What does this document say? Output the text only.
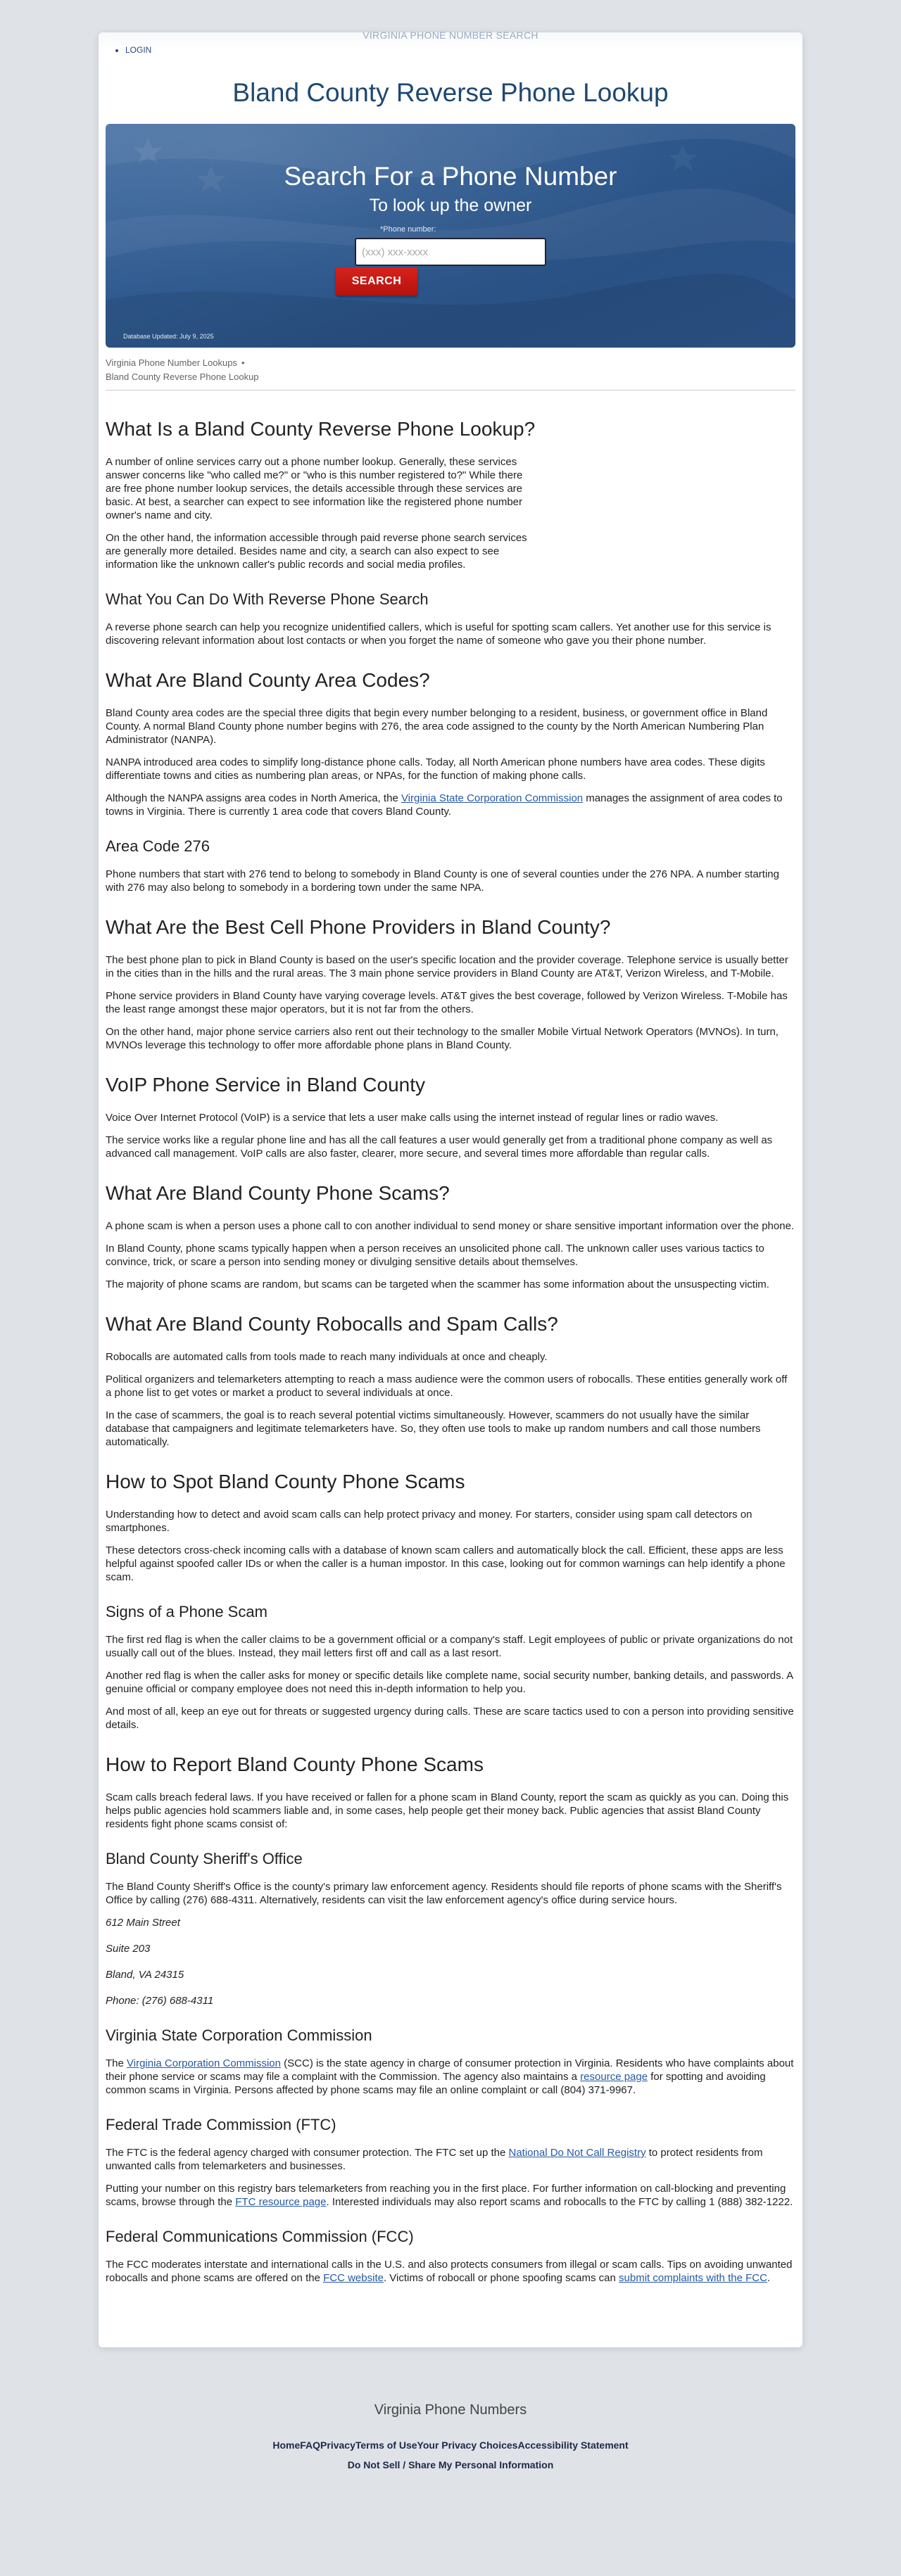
VIRGINIA PHONE NUMBER SEARCH
• LOGIN
Bland County Reverse Phone Lookup
Search For a Phone Number
To look up the owner
*Phone number:
(xxx) xxx-xxxx
SEARCH
Database Updated: July 9, 2025
Virginia Phone Number Lookups •
Bland County Reverse Phone Lookup
What Is a Bland County Reverse Phone Lookup?

A number of online services carry out a phone number lookup. Generally, these services answer concerns like "who called me?" or "who is this number registered to?" While there are free phone number lookup services, the details accessible through these services are basic. At best, a searcher can expect to see information like the registered phone number owner's name and city.

On the other hand, the information accessible through paid reverse phone search services are generally more detailed. Besides name and city, a search can also expect to see information like the unknown caller's public records and social media profiles.

What You Can Do With Reverse Phone Search

A reverse phone search can help you recognize unidentified callers, which is useful for spotting scam callers. Yet another use for this service is discovering relevant information about lost contacts or when you forget the name of someone who gave you their phone number.

What Are Bland County Area Codes?

Bland County area codes are the special three digits that begin every number belonging to a resident, business, or government office in Bland County. A normal Bland County phone number begins with 276, the area code assigned to the county by the North American Numbering Plan Administrator (NANPA).

NANPA introduced area codes to simplify long-distance phone calls. Today, all North American phone numbers have area codes. These digits differentiate towns and cities as numbering plan areas, or NPAs, for the function of making phone calls.

Although the NANPA assigns area codes in North America, the Virginia State Corporation Commission manages the assignment of area codes to towns in Virginia. There is currently 1 area code that covers Bland County.

Area Code 276

Phone numbers that start with 276 tend to belong to somebody in Bland County is one of several counties under the 276 NPA. A number starting with 276 may also belong to somebody in a bordering town under the same NPA.

What Are the Best Cell Phone Providers in Bland County?

The best phone plan to pick in Bland County is based on the user's specific location and the provider coverage. Telephone service is usually better in the cities than in the hills and the rural areas. The 3 main phone service providers in Bland County are AT&T, Verizon Wireless, and T-Mobile.

Phone service providers in Bland County have varying coverage levels. AT&T gives the best coverage, followed by Verizon Wireless. T-Mobile has the least range amongst these major operators, but it is not far from the others.

On the other hand, major phone service carriers also rent out their technology to the smaller Mobile Virtual Network Operators (MVNOs). In turn, MVNOs leverage this technology to offer more affordable phone plans in Bland County.

VoIP Phone Service in Bland County

Voice Over Internet Protocol (VoIP) is a service that lets a user make calls using the internet instead of regular lines or radio waves.

The service works like a regular phone line and has all the call features a user would generally get from a traditional phone company as well as advanced call management. VoIP calls are also faster, clearer, more secure, and several times more affordable than regular calls.

What Are Bland County Phone Scams?

A phone scam is when a person uses a phone call to con another individual to send money or share sensitive important information over the phone.

In Bland County, phone scams typically happen when a person receives an unsolicited phone call. The unknown caller uses various tactics to convince, trick, or scare a person into sending money or divulging sensitive details about themselves.

The majority of phone scams are random, but scams can be targeted when the scammer has some information about the unsuspecting victim.

What Are Bland County Robocalls and Spam Calls?

Robocalls are automated calls from tools made to reach many individuals at once and cheaply.

Political organizers and telemarketers attempting to reach a mass audience were the common users of robocalls. These entities generally work off a phone list to get votes or market a product to several individuals at once.

In the case of scammers, the goal is to reach several potential victims simultaneously. However, scammers do not usually have the similar database that campaigners and legitimate telemarketers have. So, they often use tools to make up random numbers and call those numbers automatically.

How to Spot Bland County Phone Scams

Understanding how to detect and avoid scam calls can help protect privacy and money. For starters, consider using spam call detectors on smartphones.

These detectors cross-check incoming calls with a database of known scam callers and automatically block the call. Efficient, these apps are less helpful against spoofed caller IDs or when the caller is a human impostor. In this case, looking out for common warnings can help identify a phone scam.

Signs of a Phone Scam

The first red flag is when the caller claims to be a government official or a company's staff. Legit employees of public or private organizations do not usually call out of the blues. Instead, they mail letters first off and call as a last resort.

Another red flag is when the caller asks for money or specific details like complete name, social security number, banking details, and passwords. A genuine official or company employee does not need this in-depth information to help you.

And most of all, keep an eye out for threats or suggested urgency during calls. These are scare tactics used to con a person into providing sensitive details.

How to Report Bland County Phone Scams

Scam calls breach federal laws. If you have received or fallen for a phone scam in Bland County, report the scam as quickly as you can. Doing this helps public agencies hold scammers liable and, in some cases, help people get their money back. Public agencies that assist Bland County residents fight phone scams consist of:

Bland County Sheriff's Office

The Bland County Sheriff's Office is the county's primary law enforcement agency. Residents should file reports of phone scams with the Sheriff's Office by calling (276) 688-4311. Alternatively, residents can visit the law enforcement agency's office during service hours.

612 Main Street

Suite 203

Bland, VA 24315

Phone: (276) 688-4311

Virginia State Corporation Commission

The Virginia Corporation Commission (SCC) is the state agency in charge of consumer protection in Virginia. Residents who have complaints about their phone service or scams may file a complaint with the Commission. The agency also maintains a resource page for spotting and avoiding common scams in Virginia. Persons affected by phone scams may file an online complaint or call (804) 371-9967.

Federal Trade Commission (FTC)

The FTC is the federal agency charged with consumer protection. The FTC set up the National Do Not Call Registry to protect residents from unwanted calls from telemarketers and businesses.

Putting your number on this registry bars telemarketers from reaching you in the first place. For further information on call-blocking and preventing scams, browse through the FTC resource page. Interested individuals may also report scams and robocalls to the FTC by calling 1 (888) 382-1222.

Federal Communications Commission (FCC)

The FCC moderates interstate and international calls in the U.S. and also protects consumers from illegal or scam calls. Tips on avoiding unwanted robocalls and phone scams are offered on the FCC website. Victims of robocall or phone spoofing scams can submit complaints with the FCC.

Virginia Phone Numbers
HomeFAQPrivacyTerms of UseYour Privacy ChoicesAccessibility Statement
Do Not Sell / Share My Personal Information
